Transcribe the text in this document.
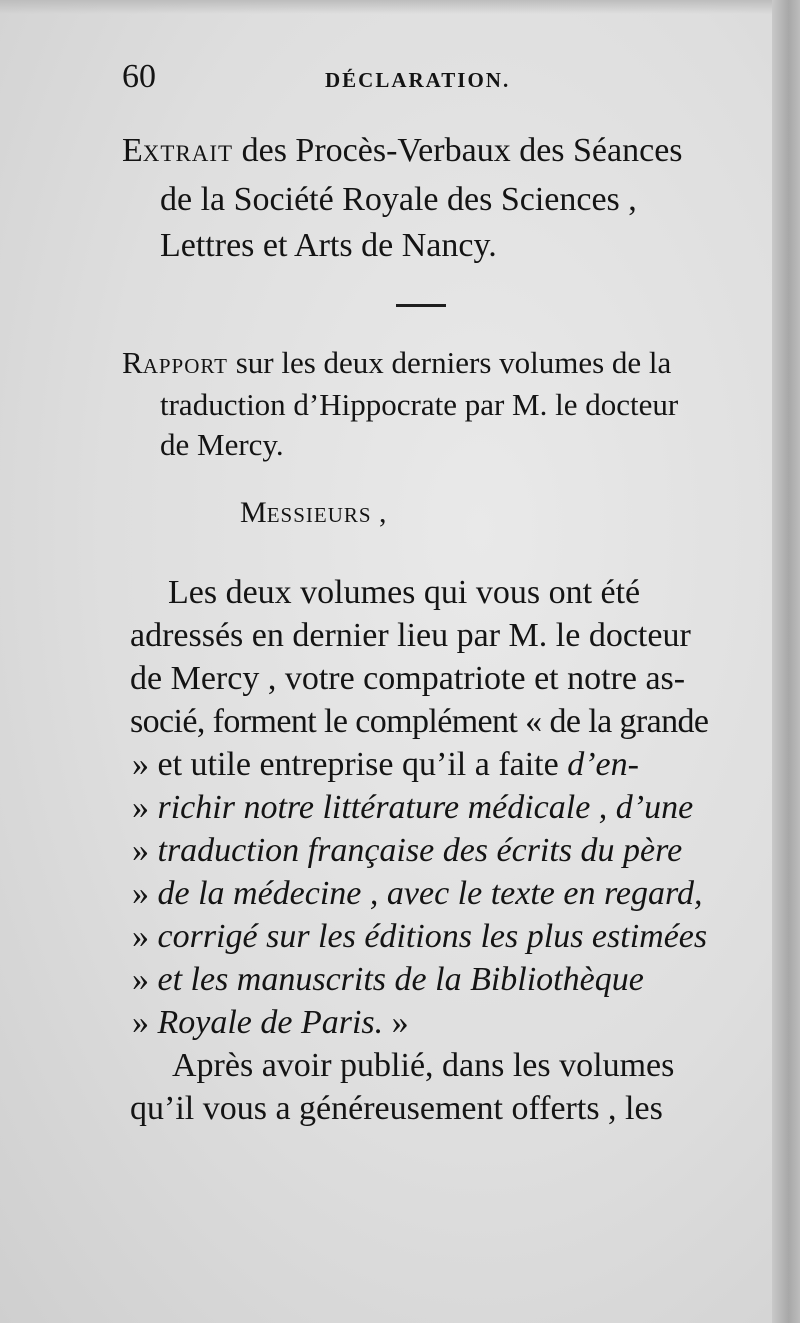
60	DÉCLARATION.
EXTRAIT des Procès-Verbaux des Séances
de la Société Royale des Sciences ,
Lettres et Arts de Nancy.
RAPPORT sur les deux derniers volumes de la
traduction d’Hippocrate par M. le docteur
de Mercy.
MESSIEURS ,
Les deux volumes qui vous ont été
adressés en dernier lieu par M. le docteur
de Mercy , votre compatriote et notre as-
socié, forment le complément « de la grande
» et utile entreprise qu’il a faite d’en-
» richir notre littérature médicale , d’une
» traduction française des écrits du père
» de la médecine , avec le texte en regard,
» corrigé sur les éditions les plus estimées
» et les manuscrits de la Bibliothèque
» Royale de Paris. »
Après avoir publié, dans les volumes
qu’il vous a généreusement offerts , les
